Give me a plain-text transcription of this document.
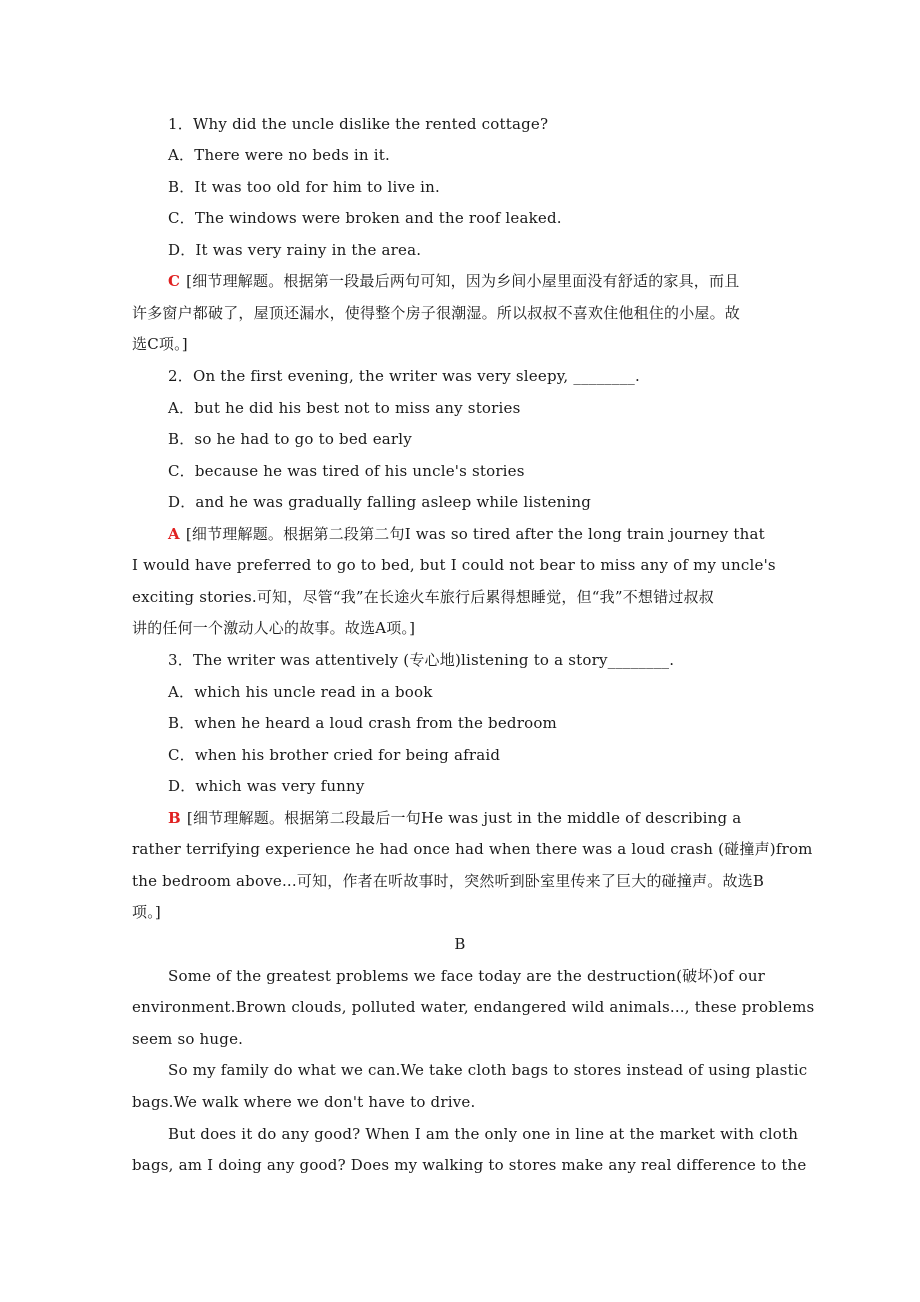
1．Why did the uncle dislike the rented cottage?
A．There were no beds in it.
B．It was too old for him to live in.
C．The windows were broken and the roof leaked.
D．It was very rainy in the area.
C [细节理解题。根据第一段最后两句可知，因为乡间小屋里面没有舒适的家具，而且
许多窗户都破了，屋顶还漏水，使得整个房子很潮湿。所以叔叔不喜欢住他租住的小屋。故
选C项。]
2．On the first evening, the writer was very sleepy, ________.
A．but he did his best not to miss any stories
B．so he had to go to bed early
C．because he was tired of his uncle's stories
D．and he was gradually falling asleep while listening
A [细节理解题。根据第二段第二句I was so tired after the long train journey that
I would have preferred to go to bed, but I could not bear to miss any of my uncle's
exciting stories.可知，尽管“我”在长途火车旅行后累得想睡觉，但“我”不想错过叔叔
讲的任何一个激动人心的故事。故选A项。]
3．The writer was attentively (专心地)listening to a story________.
A．which his uncle read in a book
B．when he heard a loud crash from the bedroom
C．when his brother cried for being afraid
D．which was very funny
B [细节理解题。根据第二段最后一句He was just in the middle of describing a
rather terrifying experience he had once had when there was a loud crash (碰撞声)from
the bedroom above...可知，作者在听故事时，突然听到卧室里传来了巨大的碰撞声。故选B
项。]
B
Some of the greatest problems we face today are the destruction(破坏)of our
environment.Brown clouds, polluted water, endangered wild animals..., these problems
seem so huge.
So my family do what we can.We take cloth bags to stores instead of using plastic
bags.We walk where we don't have to drive.
But does it do any good? When I am the only one in line at the market with cloth
bags, am I doing any good? Does my walking to stores make any real difference to the
